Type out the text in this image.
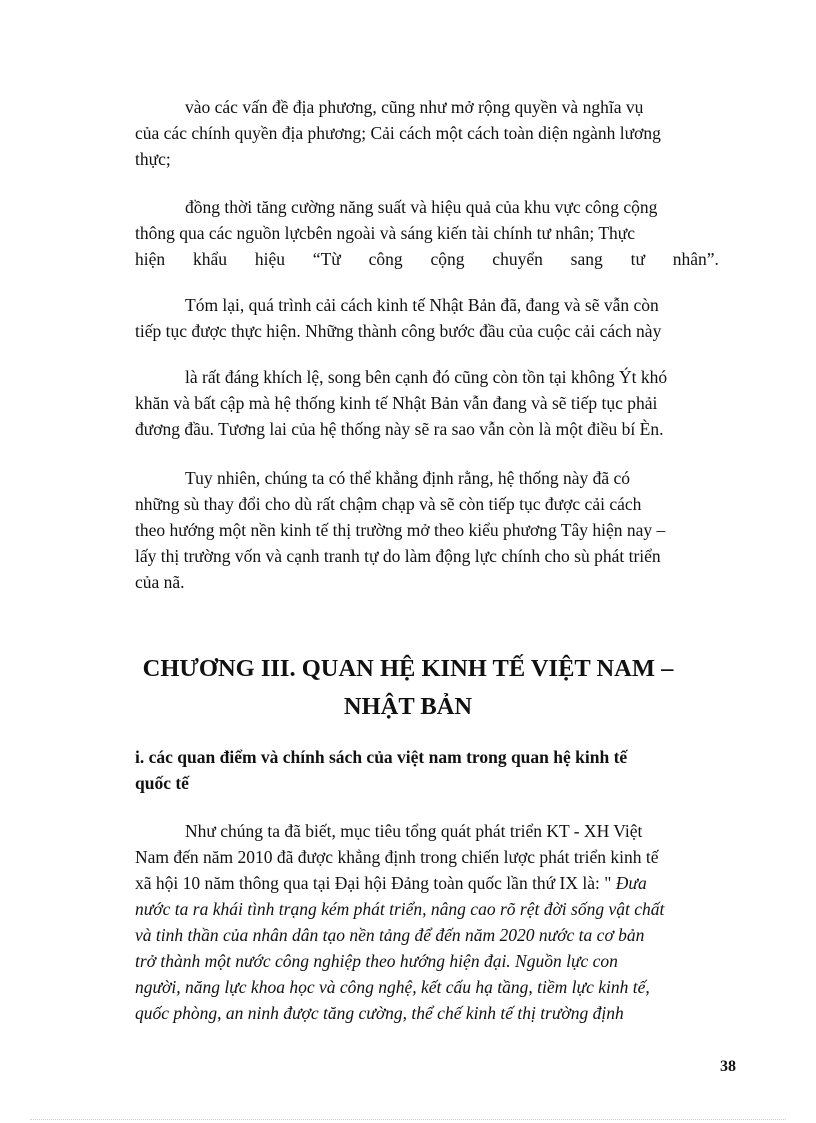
vào các vấn đề địa phương, cũng như mở rộng quyền và nghĩa vụ
của các chính quyền địa phương; Cải cách một cách toàn diện ngành lương
thực;

đồng thời tăng cường năng suất và hiệu quả của khu vực công cộng
thông qua các nguồn lựcbên ngoài và sáng kiến tài chính tư nhân; Thực

hiện khẩu hiệu “Từ công cộng chuyển sang tư nhân”.

Tóm lại, quá trình cải cách kinh tế Nhật Bản đã, đang và sẽ vẫn còn
tiếp tục được thực hiện. Những thành công bước đầu của cuộc cải cách này

là rất đáng khích lệ, song bên cạnh đó cũng còn tồn tại không Ýt khó
khăn và bất cập mà hệ thống kinh tế Nhật Bản vẫn đang và sẽ tiếp tục phải
đương đầu. Tương lai của hệ thống này sẽ ra sao vẫn còn là một điều bí Èn.

Tuy nhiên, chúng ta có thể khẳng định rằng, hệ thống này đã có
những sù thay đổi cho dù rất chậm chạp và sẽ còn tiếp tục được cải cách
theo hướng một nền kinh tế thị trường mở theo kiểu phương Tây hiện nay –
lấy thị trường vốn và cạnh tranh tự do làm động lực chính cho sù phát triển
của nã.

CHƯƠNG III. QUAN HỆ KINH TẾ VIỆT NAM –
NHẬT BẢN
i. các quan điểm và chính sách của việt nam trong quan hệ kinh tế
quốc tế

Như chúng ta đã biết, mục tiêu tổng quát phát triển KT - XH Việt
Nam đến năm 2010 đã được khẳng định trong chiến lược phát triển kinh tế
xã hội 10 năm thông qua tại Đại hội Đảng toàn quốc lần thứ IX là: " Đưa
nước ta ra khái tình trạng kém phát triển, nâng cao rõ rệt đời sống vật chất
và tinh thần của nhân dân tạo nền tảng để đến năm 2020 nước ta cơ bản
trở thành một nước công nghiệp theo hướng hiện đại. Nguồn lực con
người, năng lực khoa học và công nghệ, kết cấu hạ tầng, tiềm lực kinh tế,
quốc phòng, an ninh được tăng cường, thể chế kinh tế thị trường định

38
